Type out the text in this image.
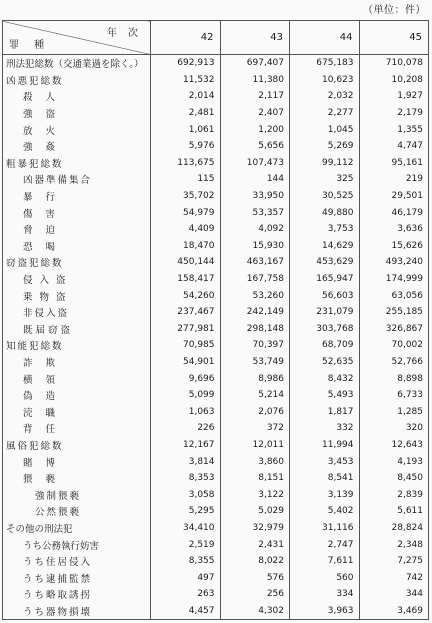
（単位：件）
年 次
罪 種	42	43	44	45
刑法犯総数（交通業過を除く。）	692,913	697,407	675,183	710,078
凶悪犯総数	11,532	11,380	10,623	10,208
殺 人	2,014	2,117	2,032	1,927
強 盗	2,481	2,407	2,277	2,179
放 火	1,061	1,200	1,045	1,355
強 姦	5,976	5,656	5,269	4,747
粗暴犯総数	113,675	107,473	99,112	95,161
凶器準備集合	115	144	325	219
暴 行	35,702	33,950	30,525	29,501
傷 害	54,979	53,357	49,880	46,179
脅 迫	4,409	4,092	3,753	3,636
恐 喝	18,470	15,930	14,629	15,626
窃盗犯総数	450,144	463,167	453,629	493,240
侵 入 盗	158,417	167,758	165,947	174,999
乗 物 盗	54,260	53,260	56,603	63,056
非侵入盗	237,467	242,149	231,079	255,185
既 届 窃 盗	277,981	298,148	303,768	326,867
知能犯総数	70,985	70,397	68,709	70,002
詐 欺	54,901	53,749	52,635	52,766
横 領	9,696	8,986	8,432	8,898
偽 造	5,099	5,214	5,493	6,733
涜 職	1,063	2,076	1,817	1,285
背 任	226	372	332	320
風俗犯総数	12,167	12,011	11,994	12,643
賭 博	3,814	3,860	3,453	4,193
猥 褻	8,353	8,151	8,541	8,450
強制猥褻	3,058	3,122	3,139	2,839
公然猥褻	5,295	5,029	5,402	5,611
その他の刑法犯	34,410	32,979	31,116	28,824
うち公務執行妨害	2,519	2,431	2,747	2,348
うち住居侵入	8,355	8,022	7,611	7,275
うち逮捕監禁	497	576	560	742
うち略取誘拐	263	256	334	344
うち器物損壊	4,457	4,302	3,963	3,469
